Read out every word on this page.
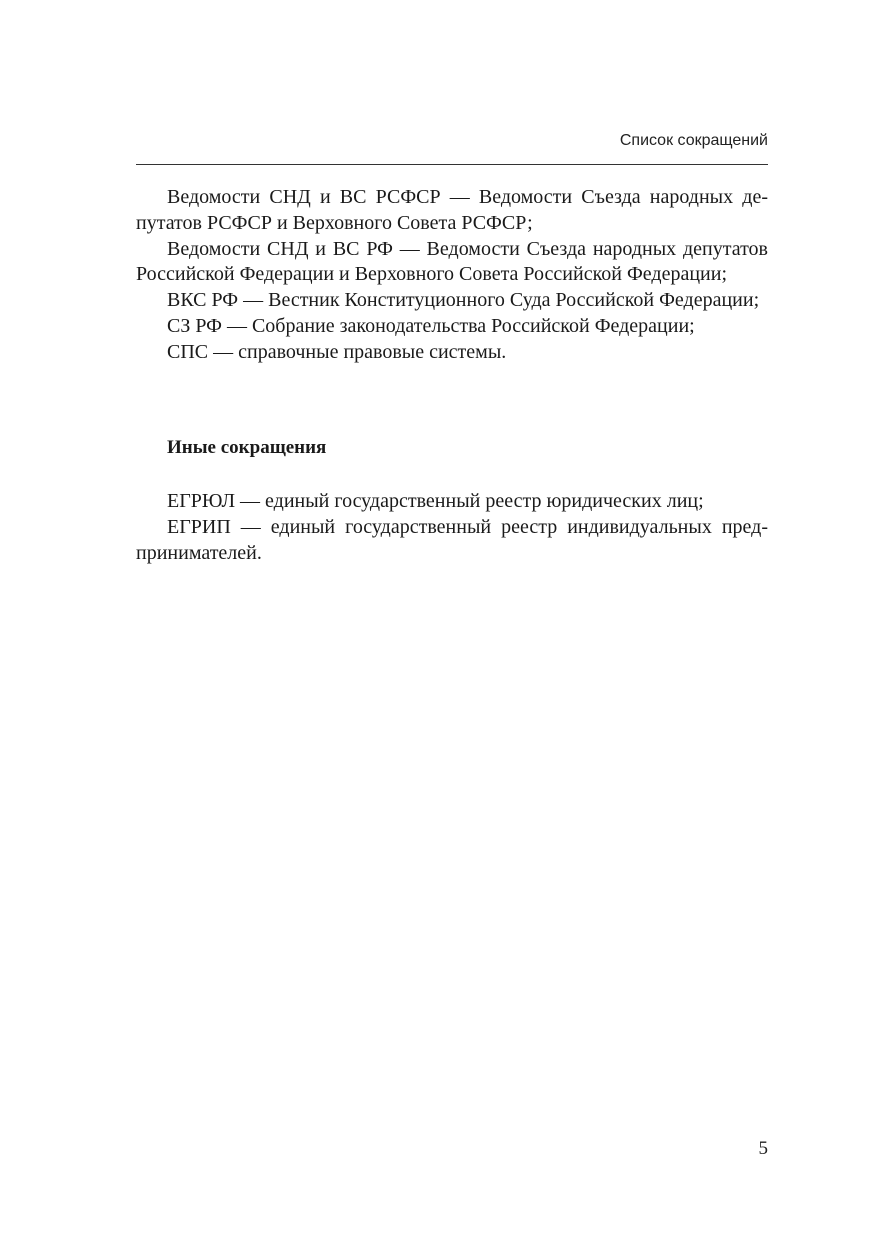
Список сокращений

Ведомости СНД и ВС РСФСР — Ведомости Съезда народных депутатов РСФСР и Верховного Совета РСФСР;

Ведомости СНД и ВС РФ — Ведомости Съезда народных депутатов Российской Федерации и Верховного Совета Российской Федерации;

ВКС РФ — Вестник Конституционного Суда Российской Федерации;

СЗ РФ — Собрание законодательства Российской Федерации;

СПС — справочные правовые системы.

Иные сокращения

ЕГРЮЛ — единый государственный реестр юридических лиц;

ЕГРИП — единый государственный реестр индивидуальных предпринимателей.

5
